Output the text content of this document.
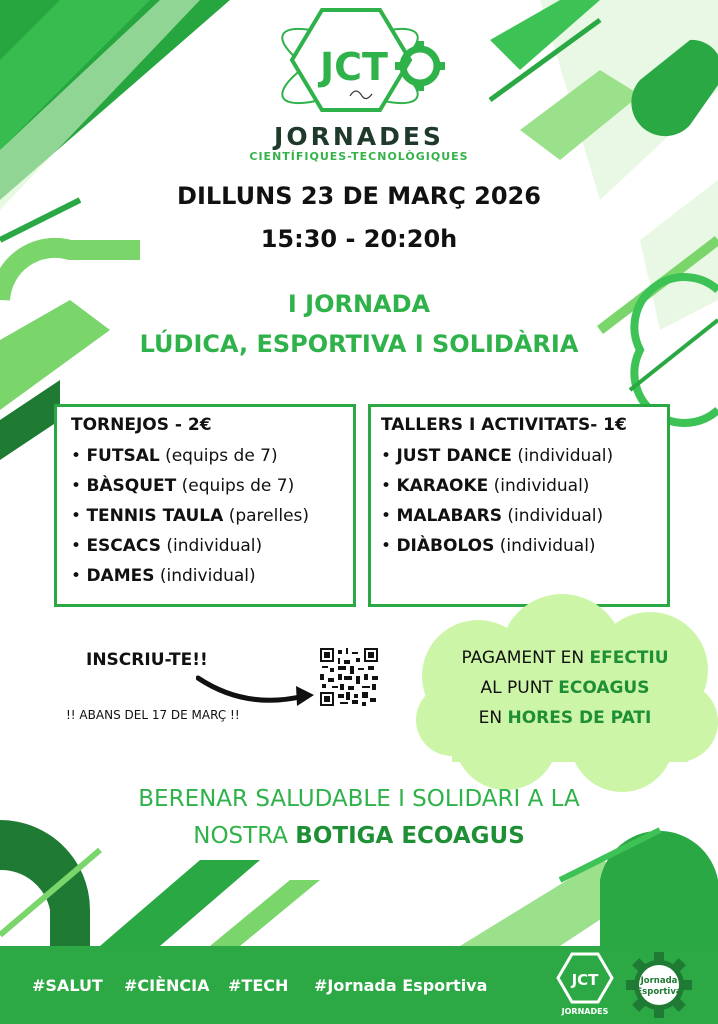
JCT
JORNADES
CIENTÍFIQUES-TECNOLÒGIQUES
DILLUNS 23 DE MARÇ 2026
15:30 - 20:20h
I JORNADA
LÚDICA, ESPORTIVA I SOLIDÀRIA
TORNEJOS - 2€
• FUTSAL (equips de 7)
• BÀSQUET (equips de 7)
• TENNIS TAULA (parelles)
• ESCACS (individual)
• DAMES (individual)
TALLERS I ACTIVITATS- 1€
• JUST DANCE (individual)
• KARAOKE (individual)
• MALABARS (individual)
• DIÀBOLOS (individual)
INSCRIU-TE!!
!! ABANS DEL 17 DE MARÇ !!
PAGAMENT EN EFECTIU
AL PUNT ECOAGUS
EN HORES DE PATI
BERENAR SALUDABLE I SOLIDARI A LA
NOSTRA BOTIGA ECOAGUS
#SALUT #CIÈNCIA #TECH #Jornada Esportiva	JCT
JORNADES
Jornada
Esportiva
